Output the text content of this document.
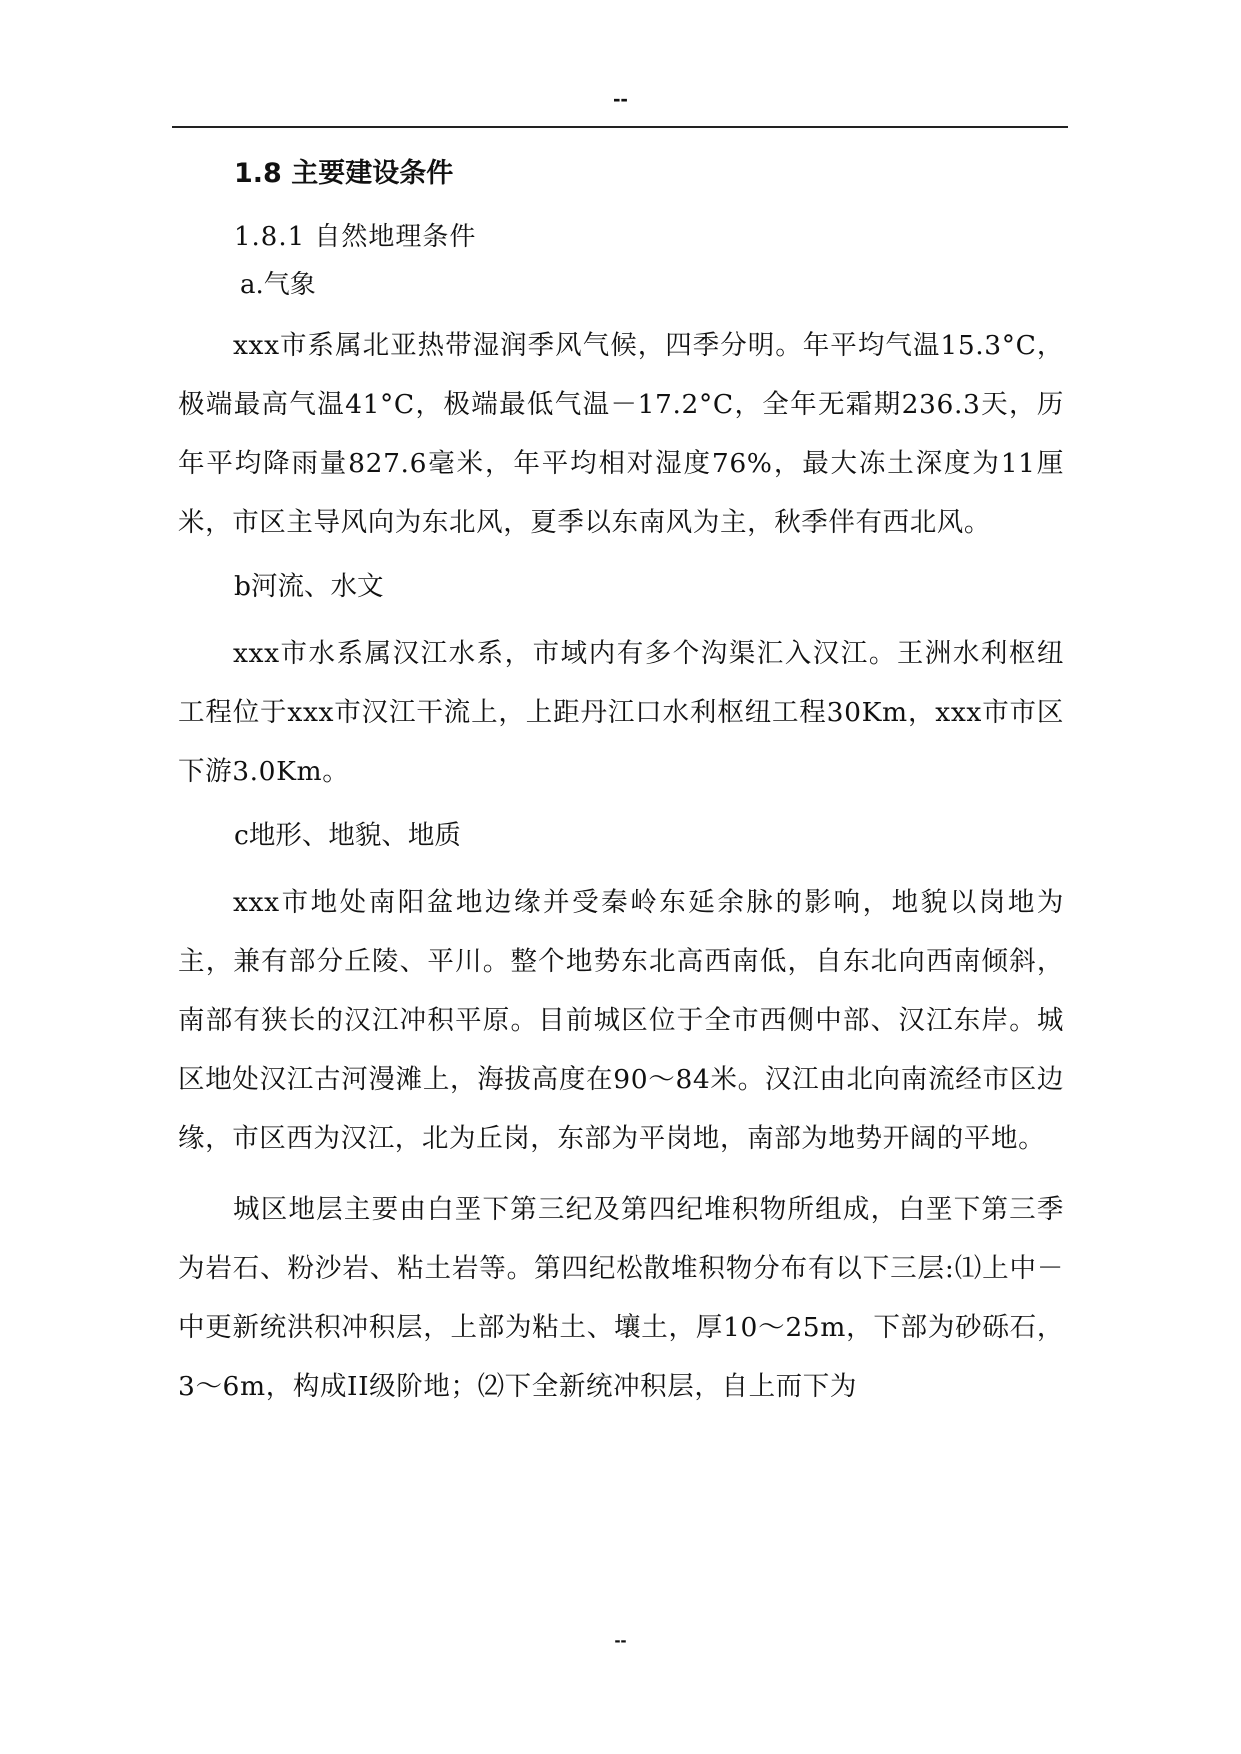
--
1.8 主要建设条件
1.8.1 自然地理条件
a.气象

xxx市系属北亚热带湿润季风气候，四季分明。年平均气温15.3°C，极端最高气温41°C，极端最低气温－17.2°C，全年无霜期236.3天，历年平均降雨量827.6毫米，年平均相对湿度76%，最大冻土深度为11厘米，市区主导风向为东北风，夏季以东南风为主，秋季伴有西北风。

b河流、水文

xxx市水系属汉江水系，市域内有多个沟渠汇入汉江。王洲水利枢纽工程位于xxx市汉江干流上，上距丹江口水利枢纽工程30Km，xxx市市区下游3.0Km。

c地形、地貌、地质

xxx市地处南阳盆地边缘并受秦岭东延余脉的影响，地貌以岗地为主，兼有部分丘陵、平川。整个地势东北高西南低，自东北向西南倾斜，南部有狭长的汉江冲积平原。目前城区位于全市西侧中部、汉江东岸。城区地处汉江古河漫滩上，海拔高度在90～84米。汉江由北向南流经市区边缘，市区西为汉江，北为丘岗，东部为平岗地，南部为地势开阔的平地。

城区地层主要由白垩下第三纪及第四纪堆积物所组成，白垩下第三季为岩石、粉沙岩、粘土岩等。第四纪松散堆积物分布有以下三层:⑴上中－中更新统洪积冲积层，上部为粘土、壤土，厚10～25m，下部为砂砾石，3～6m，构成II级阶地；⑵下全新统冲积层，自上而下为

--
